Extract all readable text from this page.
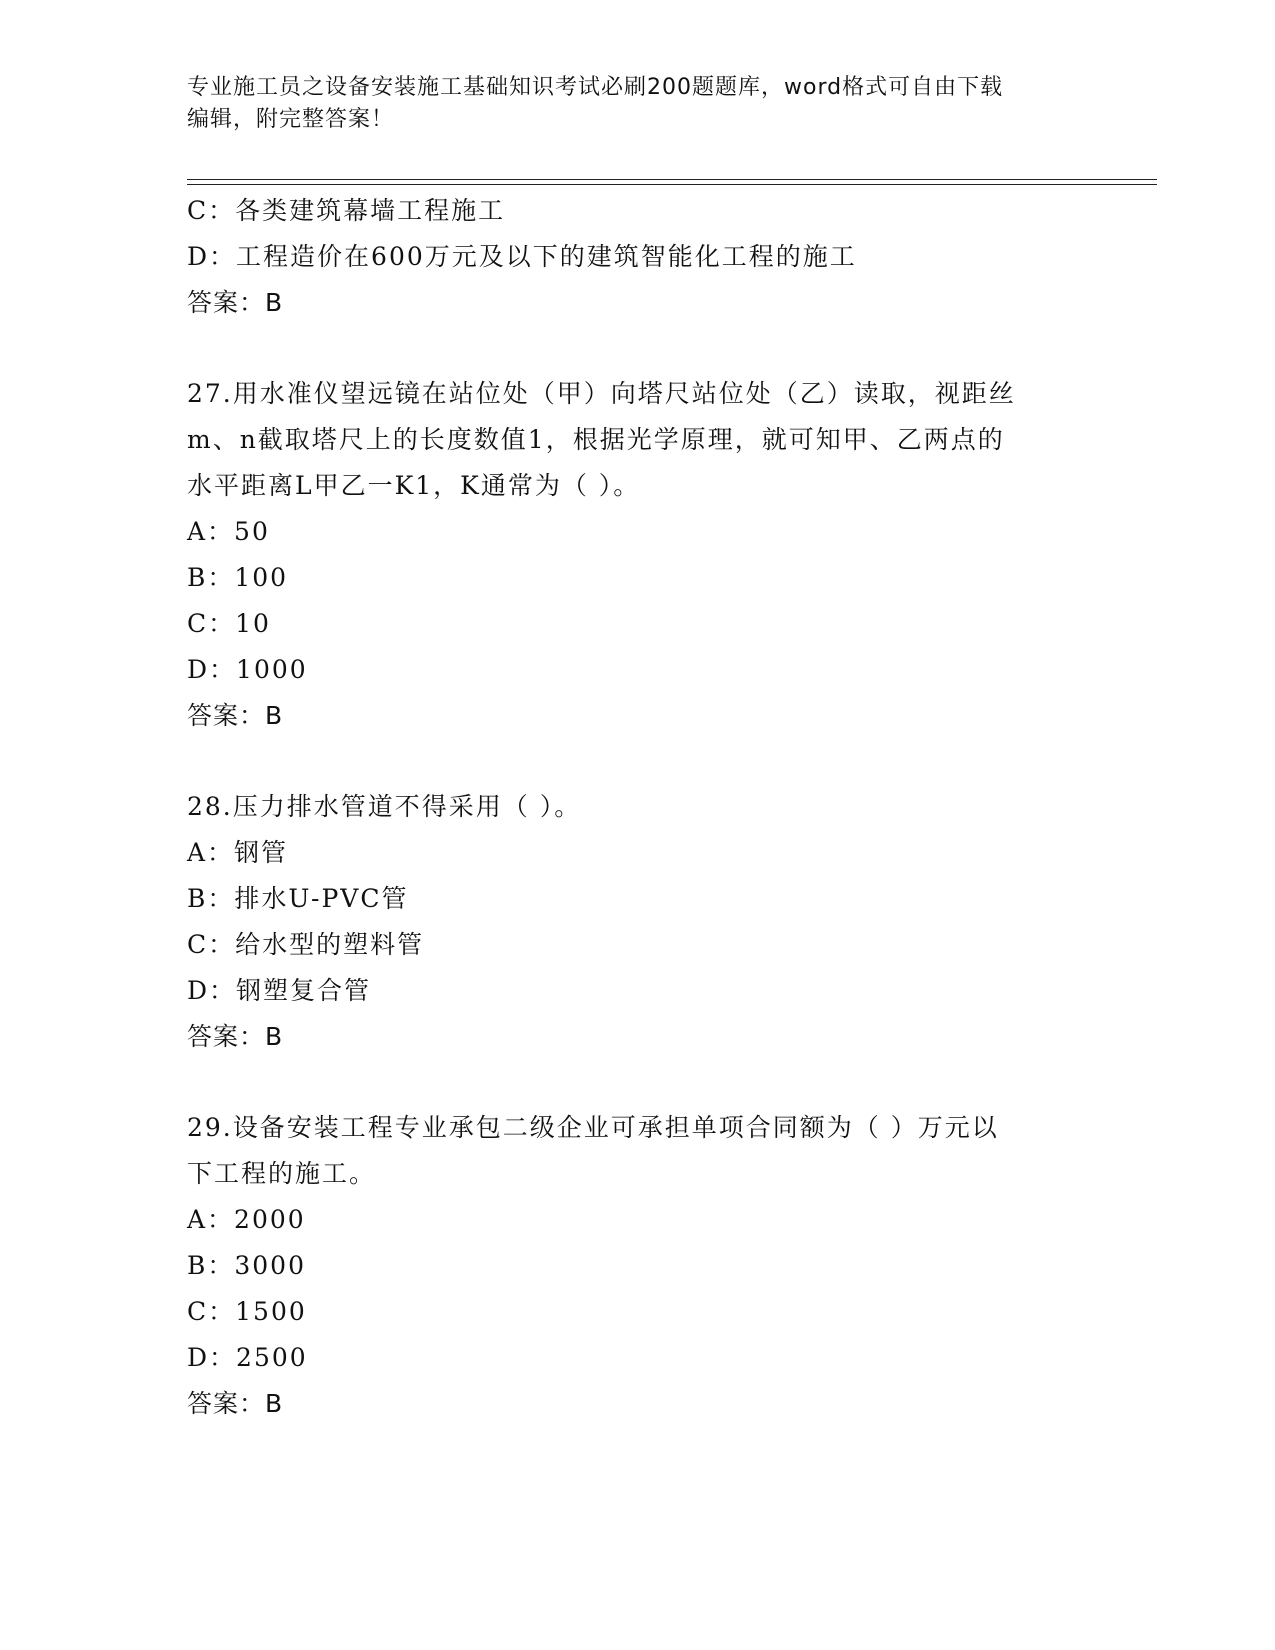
专业施工员之设备安装施工基础知识考试必刷200题题库，word格式可自由下载
编辑，附完整答案！
C：各类建筑幕墙工程施工
D：工程造价在600万元及以下的建筑智能化工程的施工
答案：B
27.用水准仪望远镜在站位处（甲）向塔尺站位处（乙）读取，视距丝
m、n截取塔尺上的长度数值1，根据光学原理，就可知甲、乙两点的
水平距离L甲乙一K1，K通常为（ ）。
A：50
B：100
C：10
D：1000
答案：B
28.压力排水管道不得采用（ ）。
A：钢管
B：排水U-PVC管
C：给水型的塑料管
D：钢塑复合管
答案：B
29.设备安装工程专业承包二级企业可承担单项合同额为（ ）万元以
下工程的施工。
A：2000
B：3000
C：1500
D：2500
答案：B
